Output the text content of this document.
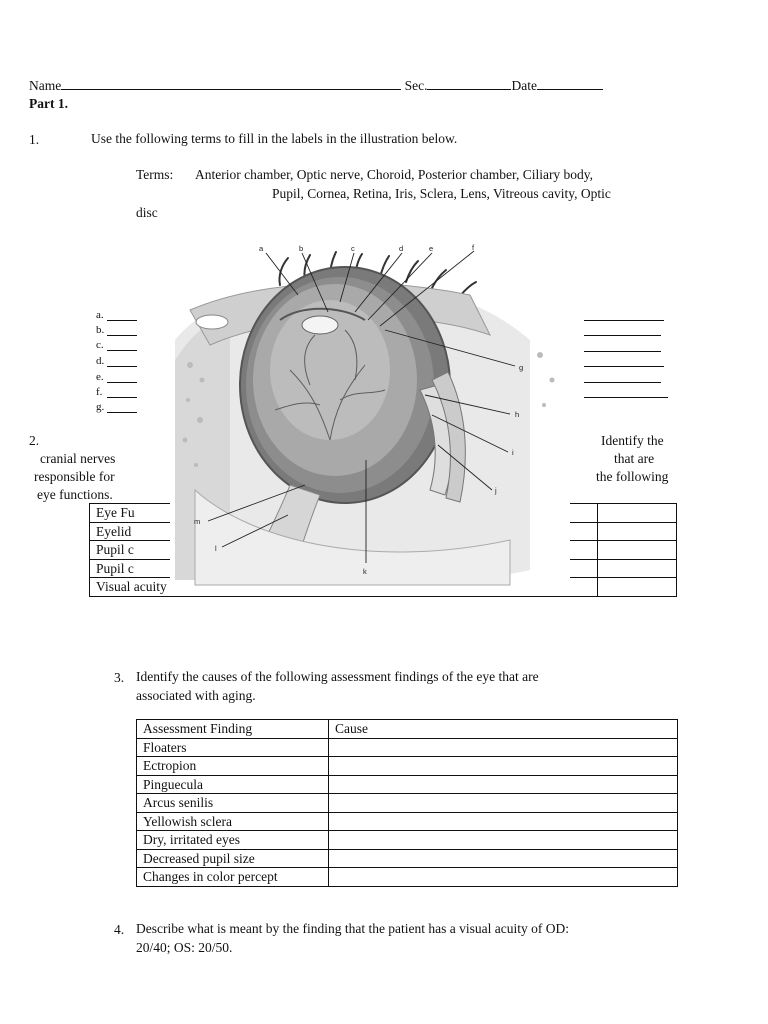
Name	Sec.	Date
Part 1.
1.	Use the following terms to fill in the labels in the illustration below.
Terms: Anterior chamber, Optic nerve, Choroid, Posterior chamber, Ciliary body,
Pupil, Cornea, Retina, Iris, Sclera, Lens, Vitreous cavity, Optic
disc
a.
b.
c.
d.
e.
f.
g.
2.
cranial nerves
responsible for
eye functions.
Identify the
that are
the following
Eye Fu	
Eyelid	
Pupil c	
Pupil c	
Visual acuity	
a	b	c	d	e	f
g
h
i
j
k
l
m
3. Identify the causes of the following assessment findings of the eye that are
associated with aging.
Assessment Finding	Cause
Floaters	
Ectropion	
Pinguecula	
Arcus senilis	
Yellowish sclera	
Dry, irritated eyes	
Decreased pupil size	
Changes in color percept	
4. Describe what is meant by the finding that the patient has a visual acuity of OD:
20/40; OS: 20/50.
